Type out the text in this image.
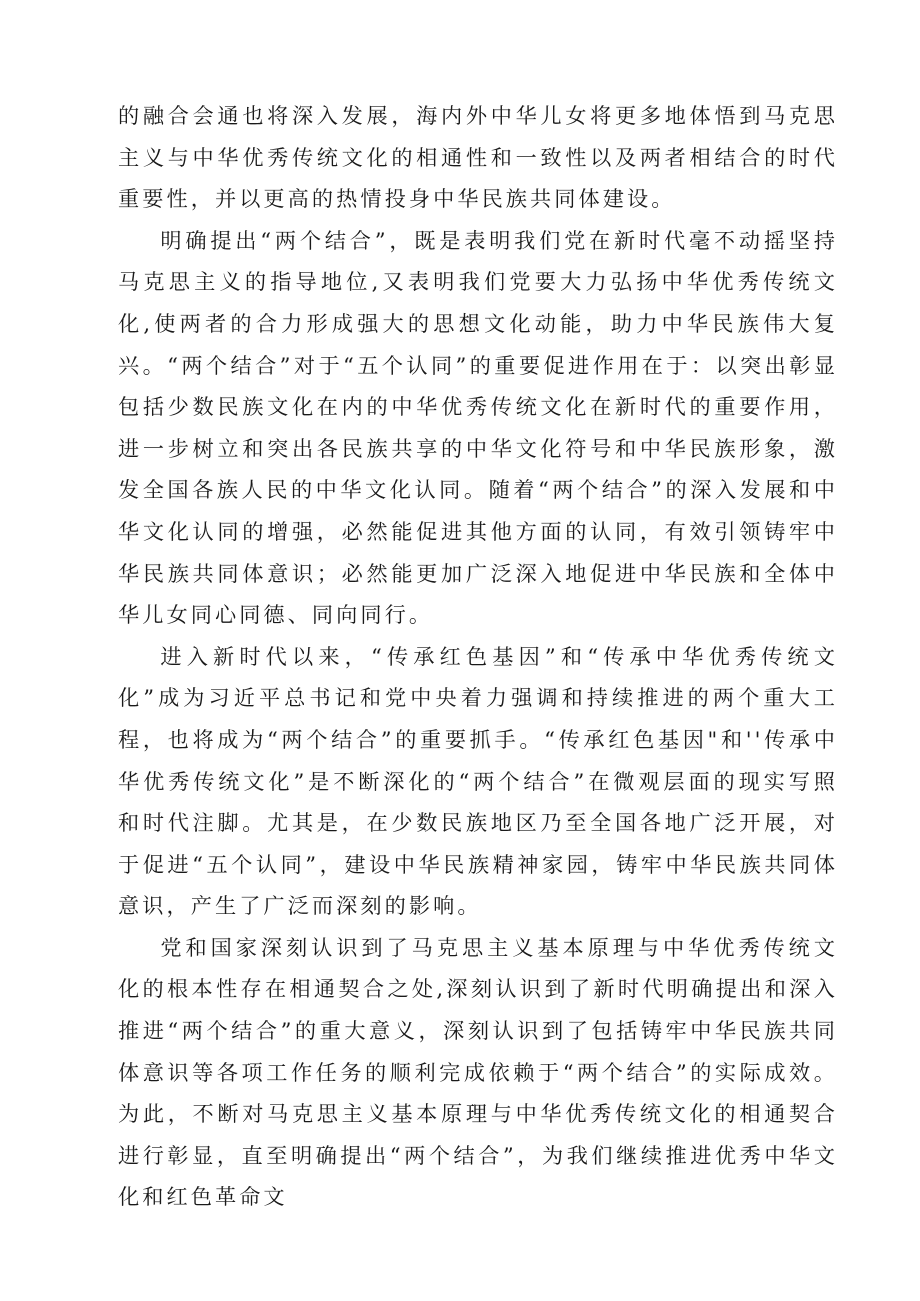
的融合会通也将深入发展，海内外中华儿女将更多地体悟到马克思主义与中华优秀传统文化的相通性和一致性以及两者相结合的时代重要性，并以更高的热情投身中华民族共同体建设。

明确提出“两个结合”，既是表明我们党在新时代毫不动摇坚持马克思主义的指导地位,又表明我们党要大力弘扬中华优秀传统文化,使两者的合力形成强大的思想文化动能，助力中华民族伟大复兴。“两个结合”对于“五个认同”的重要促进作用在于：以突出彰显包括少数民族文化在内的中华优秀传统文化在新时代的重要作用，进一步树立和突出各民族共享的中华文化符号和中华民族形象，激发全国各族人民的中华文化认同。随着“两个结合”的深入发展和中华文化认同的增强，必然能促进其他方面的认同，有效引领铸牢中华民族共同体意识；必然能更加广泛深入地促进中华民族和全体中华儿女同心同德、同向同行。

进入新时代以来，“传承红色基因”和“传承中华优秀传统文化”成为习近平总书记和党中央着力强调和持续推进的两个重大工程，也将成为“两个结合”的重要抓手。“传承红色基因"和''传承中华优秀传统文化”是不断深化的“两个结合”在微观层面的现实写照和时代注脚。尤其是，在少数民族地区乃至全国各地广泛开展，对于促进“五个认同”，建设中华民族精神家园，铸牢中华民族共同体意识，产生了广泛而深刻的影响。

党和国家深刻认识到了马克思主义基本原理与中华优秀传统文化的根本性存在相通契合之处,深刻认识到了新时代明确提出和深入推进“两个结合”的重大意义，深刻认识到了包括铸牢中华民族共同体意识等各项工作任务的顺利完成依赖于“两个结合”的实际成效。为此，不断对马克思主义基本原理与中华优秀传统文化的相通契合进行彰显，直至明确提出“两个结合”，为我们继续推进优秀中华文化和红色革命文
